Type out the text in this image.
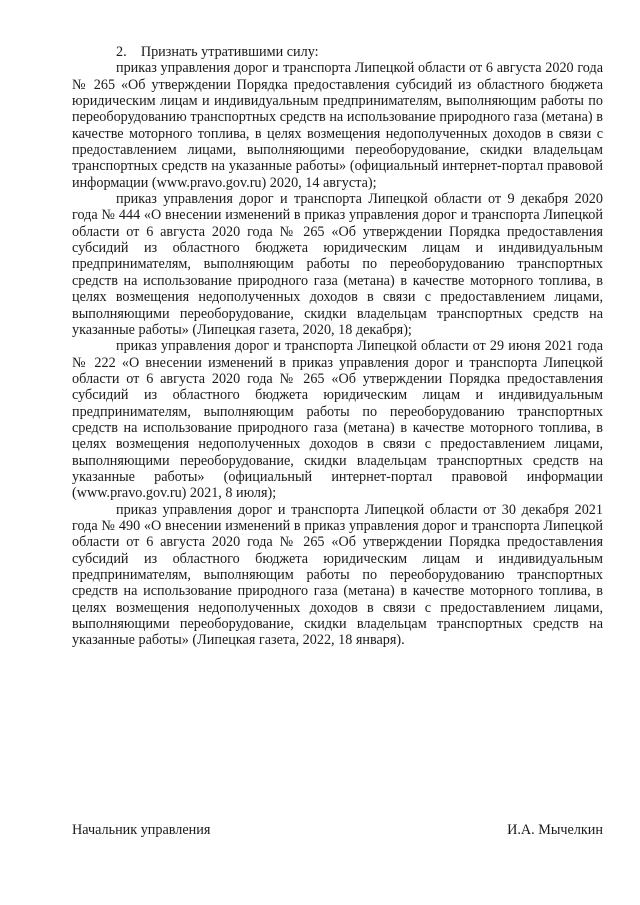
2. Признать утратившими силу:

приказ управления дорог и транспорта Липецкой области от 6 августа 2020 года № 265 «Об утверждении Порядка предоставления субсидий из областного бюджета юридическим лицам и индивидуальным предпринимателям, выполняющим работы по переоборудованию транспортных средств на использование природного газа (метана) в качестве моторного топлива, в целях возмещения недополученных доходов в связи с предоставлением лицами, выполняющими переоборудование, скидки владельцам транспортных средств на указанные работы» (официальный интернет-портал правовой информации (www.pravo.gov.ru) 2020, 14 августа);

приказ управления дорог и транспорта Липецкой области от 9 декабря 2020 года № 444 «О внесении изменений в приказ управления дорог и транспорта Липецкой области от 6 августа 2020 года № 265 «Об утверждении Порядка предоставления субсидий из областного бюджета юридическим лицам и индивидуальным предпринимателям, выполняющим работы по переоборудованию транспортных средств на использование природного газа (метана) в качестве моторного топлива, в целях возмещения недополученных доходов в связи с предоставлением лицами, выполняющими переоборудование, скидки владельцам транспортных средств на указанные работы» (Липецкая газета, 2020, 18 декабря);

приказ управления дорог и транспорта Липецкой области от 29 июня 2021 года № 222 «О внесении изменений в приказ управления дорог и транспорта Липецкой области от 6 августа 2020 года № 265 «Об утверждении Порядка предоставления субсидий из областного бюджета юридическим лицам и индивидуальным предпринимателям, выполняющим работы по переоборудованию транспортных средств на использование природного газа (метана) в качестве моторного топлива, в целях возмещения недополученных доходов в связи с предоставлением лицами, выполняющими переоборудование, скидки владельцам транспортных средств на указанные работы» (официальный интернет-портал правовой информации (www.pravo.gov.ru) 2021, 8 июля);

приказ управления дорог и транспорта Липецкой области от 30 декабря 2021 года № 490 «О внесении изменений в приказ управления дорог и транспорта Липецкой области от 6 августа 2020 года № 265 «Об утверждении Порядка предоставления субсидий из областного бюджета юридическим лицам и индивидуальным предпринимателям, выполняющим работы по переоборудованию транспортных средств на использование природного газа (метана) в качестве моторного топлива, в целях возмещения недополученных доходов в связи с предоставлением лицами, выполняющими переоборудование, скидки владельцам транспортных средств на указанные работы» (Липецкая газета, 2022, 18 января).

Начальник управления	И.А. Мычелкин
